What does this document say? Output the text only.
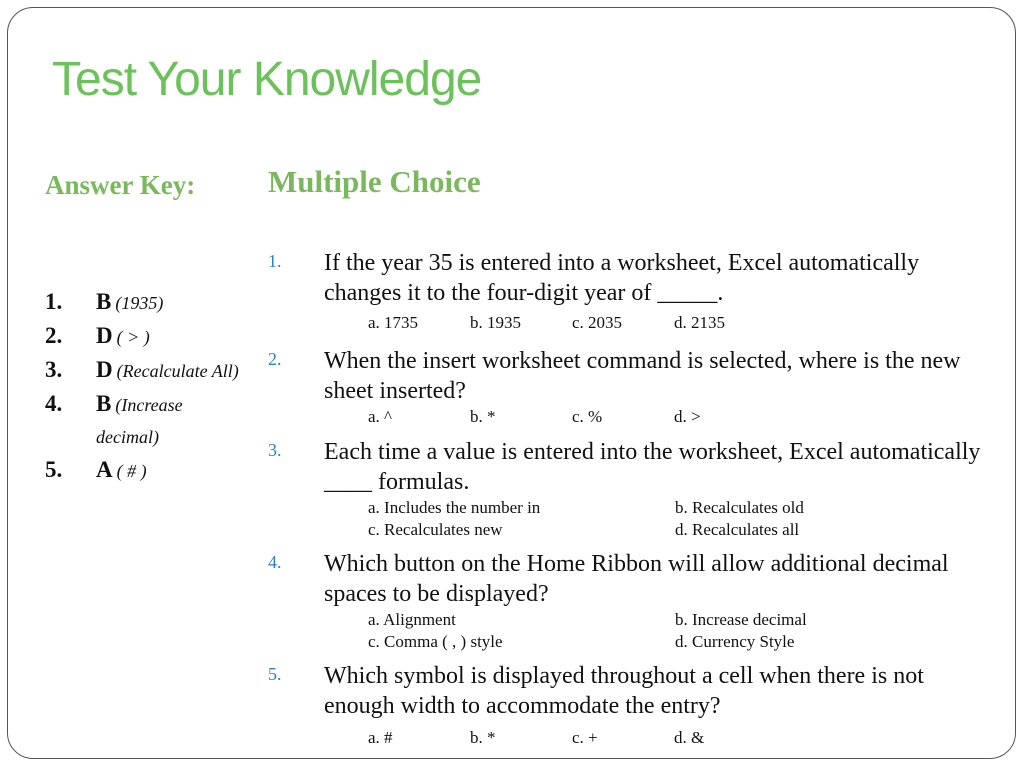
Test Your Knowledge
Answer Key: Multiple Choice
1. B (1935)
2. D ( > )
3. D (Recalculate All)
4. B (Increase decimal)
5. A ( # )
1. If the year 35 is entered into a worksheet, Excel automatically changes it to the four-digit year of _____.
a. 1735	b. 1935	c. 2035	d. 2135
2. When the insert worksheet command is selected, where is the new sheet inserted?
a. ^	b. *	c. %	d. >
3. Each time a value is entered into the worksheet, Excel automatically ____ formulas.
a. Includes the number in	b. Recalculates old
c. Recalculates new	d. Recalculates all
4. Which button on the Home Ribbon will allow additional decimal spaces to be displayed?
a. Alignment	b. Increase decimal
c. Comma ( , ) style	d. Currency Style
5. Which symbol is displayed throughout a cell when there is not enough width to accommodate the entry?
a. #	b. *	c. +	d. &
